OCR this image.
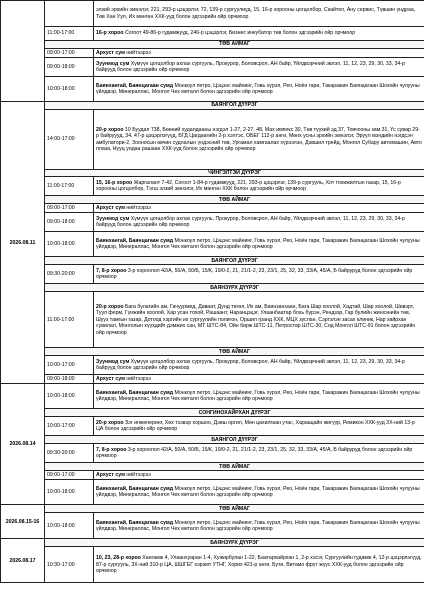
		элзий эрхийн эмнэлэг, 221, 293-р цэцэрлэг, 72, 139-р сургуулиуд, 15, 16-р хорооны цогцолбор, Скайтел, Ану сервис, Түвшин ундраа, Төв Хан Уул, Их мөнгөн ХХК-ууд болон эдгээрийн ойр орчмоор
	11:00-17:00	16-р хороо Согоот 49-86-р гудамжууд, 246-р цэцэрлэг, Бизнес инкубатор төв болон эдгээрийн ойр орчмоор
	ТӨВ АЙМАГ	
	09:00-17:00	Архуст сум нийтээрээ
	09:00-18:00	Зуунмод сум Хүмүүн цогцолбор ахлах сургууль, Прокурор, Боловсрол, АН байр, Үйлдвэрчний эвлэл, 11, 12, 23, 29, 30, 33, 34-р байрууд болон эдгээрийн ойр орчмоор
	10:00-18:00	Баянхангай, Баянцагаан сумд Монкоул петро, Цэцэнс майнинг, Говь хүрэл, Рео, Ноён гари, Такаражин Баянцагаан Шохойн чулууны үйлдвэр, Минераллас, Монгол Чех металл болон эдгээрийн ойр орчмоор
2026.08.11	БАЯНГОЛ ДҮҮРЭГ	
	14:00-17:00	20-р хороо 10 Буудал 738, Бөөний худалдааны нэгдэл 1-27, 2-27, 48, Мах импекс 30, Төв түүхий эд 37, Товчооны зам 31, Үс сувар 29-р байруууд, 34, 47-р цэцэрлэгүүд, БГД Цагдаагийн 2-р хэлтэс, ОБЕГ 112-р анги, Мөнх усны эрхийн эмнэлэг, Эрүүл мэндийн нэгдсэн амбулатори-2, Зооносын өвчин судлалын үндэсний төв, Ургамал хамгаалах хүрээлэн, Дэвшил трейд, Монгол Субару автомашин, Авто плаза, Нууц ундаа рашаан ХХК-ууд болон эдгээрийн ойр орчмоор
	ЧИНГЭЛТЭЙ ДҮҮРЭГ	
	11:00-17:00	15, 16-р хороо Жаргалант 7-42, Согоот 1-84-р гудамжууд, 221, 293-р цэцэрлэг, 139-р сургууль, Хот тохижилтын газар, 15, 16-р хорооны цогцолбор, Тэгш элзий эмнэлэг, Их мөнгөн ХХК болон эдгээрийн ойр орчмоор
	ТӨВ АЙМАГ	
	09:00-17:00	Архуст сум нийтээрээ
	09:00-18:00	Зуунмод сум Хүмүүн цогцолбор ахлах сургууль, Прокурор, Боловсрол, АН байр, Үйлдвэрчний эвлэл, 11, 12, 23, 29, 30, 33, 34-р байрууд болон эдгээрийн ойр орчмоор
	10:00-18:00	Баянхангай, Баянцагаан сумд Монкоул петро, Цэцэнс майнинг, Говь хүрэл, Рео, Ноён гари, Такаражин Баянцагаан Шохойн чулууны үйлдвэр, Минераллас, Монгол Чех металл болон эдгээрийн ойр орчмоор
	БАЯНГОЛ ДҮҮРЭГ	
	09:30-20:00	7, 8-р хороо 3-р хороолол 42/А, 50/А, 50/Б, 15/К, 19/0-2, 21, 21/1-2, 23, 23/1, 25, 32, 33, 33/А, 45/А, Б байруруд болон эдгээрийн ойр орчмоор
	БАЯНЗҮРХ ДҮҮРЭГ	
	11:00-17:00	20-р хороо Бага булагийн ам, Гачуурмед, Даваат, Дунд төгөл, Их ам, Баянзанхаан, Бага Шар хоолой, Хадтай, Шар хоолой, Шивэрт, Туул ферм, Гүнжийн хоолой, Хар усан тохой, Рашаант, Наранцэцэг, Улаанбаатар бохь бүрэн, Рендзэр, Гар булийн жинхэнийн төв, Шууз тамгын газар, Дотоод хэргийн их сургуулийн полигон, Оршил гранд ХХК, МЦХ зуслан, Сэргэлэн засах клиник, Нар хайрхан сувилал, Монголын хүүхдийг дэмжих сан, МТ ШТС-84, Ойн бирж ШТС-11, Петростар ШТС-30, Сод Монгол ШТС-91 болон эдгээрийн ойр орчмоор
	ТӨВ АЙМАГ	
	10:00-17:00	Зуунмод сум Хүмүүн цогцолбор ахлах сургууль, Прокурор, Боловсрол, АН байр, Үйлдвэрчний эвлэл, 11, 12, 23, 29, 30, 33, 34-р байрууд болон эдгээрийн ойр орчмоор
	09:00-18:00	Архуст сум нийтээрээ
2026.08.14	10:00-18:00	Баянхангай, Баянцагаан сумд Монкоул петро, Цэцэнс майнинг, Говь хүрэл, Рео, Ноён гари, Такаражин Баянцагаан Шохойн чулууны үйлдвэр, Минераллас, Монгол Чех металл болон эдгээрийн ойр орчмоор
	СОНГИНОХАЙРХАН ДҮҮРЭГ	
	10:00-17:00	20-р хороо Зэг инженеринг, Хөх тээвэр хоршоо, Дэвш оргил, Мөн цахилгаан утас, Хараацайн жигүүр, Ремикон ХХК-ууд 3Х-ний 13-р ЦА болон эдгээрийн ойр орчмоор
	БАЯНГОЛ ДҮҮРЭГ	
	09:30-20:00	7, 8-р хороо 3-р хороолол 42/А, 50/А, 50/Б, 15/К, 19/0-2, 21, 21/1-2, 23, 23/1, 25, 32, 33, 33/А, 45/А, Б байруруд болон эдгээрийн ойр орчмоор
	ТӨВ АЙМАГ	
	09:00-17:00	Архуст сум нийтээрээ
	10:00-18:00	Баянхангай, Баянцагаан сумд Монкоул петро, Цэцэнс майнинг, Говь хүрэл, Рео, Ноён гари, Такаражин Баянцагаан Шохойн чулууны үйлдвэр, Минераллас, Монгол Чех металл болон эдгээрийн ойр орчмоор
2026.08.15-16	ТӨВ АЙМАГ	
	10:00-18:00	Баянхангай, Баянцагаан сумд Монкоул петро, Цэцэнс майнинг, Говь хүрэл, Рео, Ноён гари, Такаражин Баянцагаан Шохойн чулууны үйлдвэр, Минераллас, Монгол Чех металл болон эдгээрийн ойр орчмоор
2026.08.17	БАЯНЗҮРХ ДҮҮРЭГ	
	10:30-17:00	10, 23, 28-р хороо Хангамж 4, Улаанхуаран 1-4, Хужирбулан 1-22, Баатархайрхан 1, 2-р хэсэг, Сургуулийн гудамж 4, 12-р цэцэрлэгүүд, 87-р сургууль, 3Х-ний 310-р ЦА, ШШГЕГ хэрэмт УТНГ, Хориx 421-р анги, Бути, Витамо фрүт жүүс ХХК-ууд болон эдгээрийн ойр орчмоор
